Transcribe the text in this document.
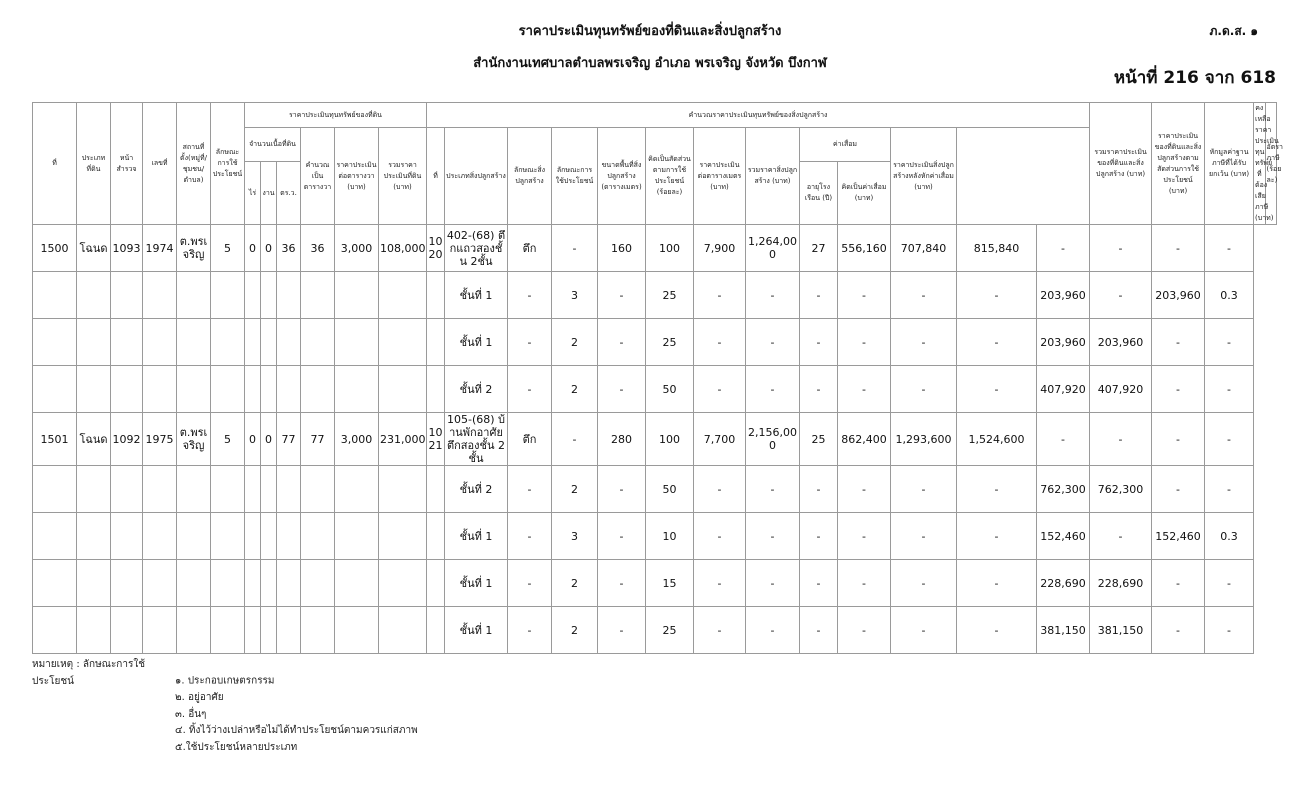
ราคาประเมินทุนทรัพย์ของที่ดินและสิ่งปลูกสร้าง
สำนักงานเทศบาลตำบลพรเจริญ อำเภอ พรเจริญ จังหวัด บึงกาฬ
ภ.ด.ส. ๑
หน้าที่ 216 จาก 618
ที่	ประเภทที่ดิน	หน้าสำรวจ	เลขที่	สถานที่ตั้ง(หมู่ที่/ชุมชน/ตำบล)	ลักษณะการใช้ประโยชน์	ราคาประเมินทุนทรัพย์ของที่ดิน						คำนวณราคาประเมินทุนทรัพย์ของสิ่งปลูกสร้าง													รวมราคาประเมินของที่ดินและสิ่งปลูกสร้าง (บาท)	ราคาประเมินของที่ดินและสิ่งปลูกสร้างตามสัดส่วนการใช้ประโยชน์ (บาท)	หักมูลค่าฐานภาษีที่ได้รับยกเว้น (บาท)	คงเหลือราคาประเมินทุนทรัพย์ที่ต้องเสียภาษี (บาท)	อัตราภาษี (ร้อยละ)
						จำนวนเนื้อที่ดิน			คำนวณเป็นตารางวา	ราคาประเมินต่อตารางวา (บาท)	รวมราคาประเมินที่ดิน (บาท)	ที่	ประเภทสิ่งปลูกสร้าง	ลักษณะสิ่งปลูกสร้าง	ลักษณะการใช้ประโยชน์	ขนาดพื้นที่สิ่งปลูกสร้าง (ตารางเมตร)	คิดเป็นสัดส่วนตามการใช้ประโยชน์ (ร้อยละ)	ราคาประเมินต่อตารางเมตร (บาท)	รวมราคาสิ่งปลูกสร้าง (บาท)	ค่าเสื่อม		ราคาประเมินสิ่งปลูกสร้างหลังหักค่าเสื่อม (บาท)							
						ไร่	งาน	ตร.ว.												อายุโรงเรือน (ปี)	คิดเป็นค่าเสื่อม (บาท)								
1500	โฉนด	1093	1974	ต.พรเจริญ	5	0	0	36	36	3,000	108,000	1020	402-(68) ตึกแถวสองชั้น 2ชั้น	ตึก	-	160	100	7,900	1,264,000	27	556,160	707,840	815,840	-	-	-	-		
													ชั้นที่ 1	-	3	-	25	-	-	-	-	-	-	203,960	-	203,960	0.3		
													ชั้นที่ 1	-	2	-	25	-	-	-	-	-	-	203,960	203,960	-	-		
													ชั้นที่ 2	-	2	-	50	-	-	-	-	-	-	407,920	407,920	-	-		
1501	โฉนด	1092	1975	ต.พรเจริญ	5	0	0	77	77	3,000	231,000	1021	105-(68) บ้านพักอาศัยตึกสองชั้น 2ชั้น	ตึก	-	280	100	7,700	2,156,000	25	862,400	1,293,600	1,524,600	-	-	-	-		
													ชั้นที่ 2	-	2	-	50	-	-	-	-	-	-	762,300	762,300	-	-		
													ชั้นที่ 1	-	3	-	10	-	-	-	-	-	-	152,460	-	152,460	0.3		
													ชั้นที่ 1	-	2	-	15	-	-	-	-	-	-	228,690	228,690	-	-		
													ชั้นที่ 1	-	2	-	25	-	-	-	-	-	-	381,150	381,150	-	-		
หมายเหตุ : ลักษณะการใช้ประโยชน์	๑. ประกอบเกษตรกรรม
๒. อยู่อาศัย
๓. อื่นๆ
๔. ทิ้งไว้ว่างเปล่าหรือไม่ได้ทำประโยชน์ตามควรแก่สภาพ
๕.ใช้ประโยชน์หลายประเภท
